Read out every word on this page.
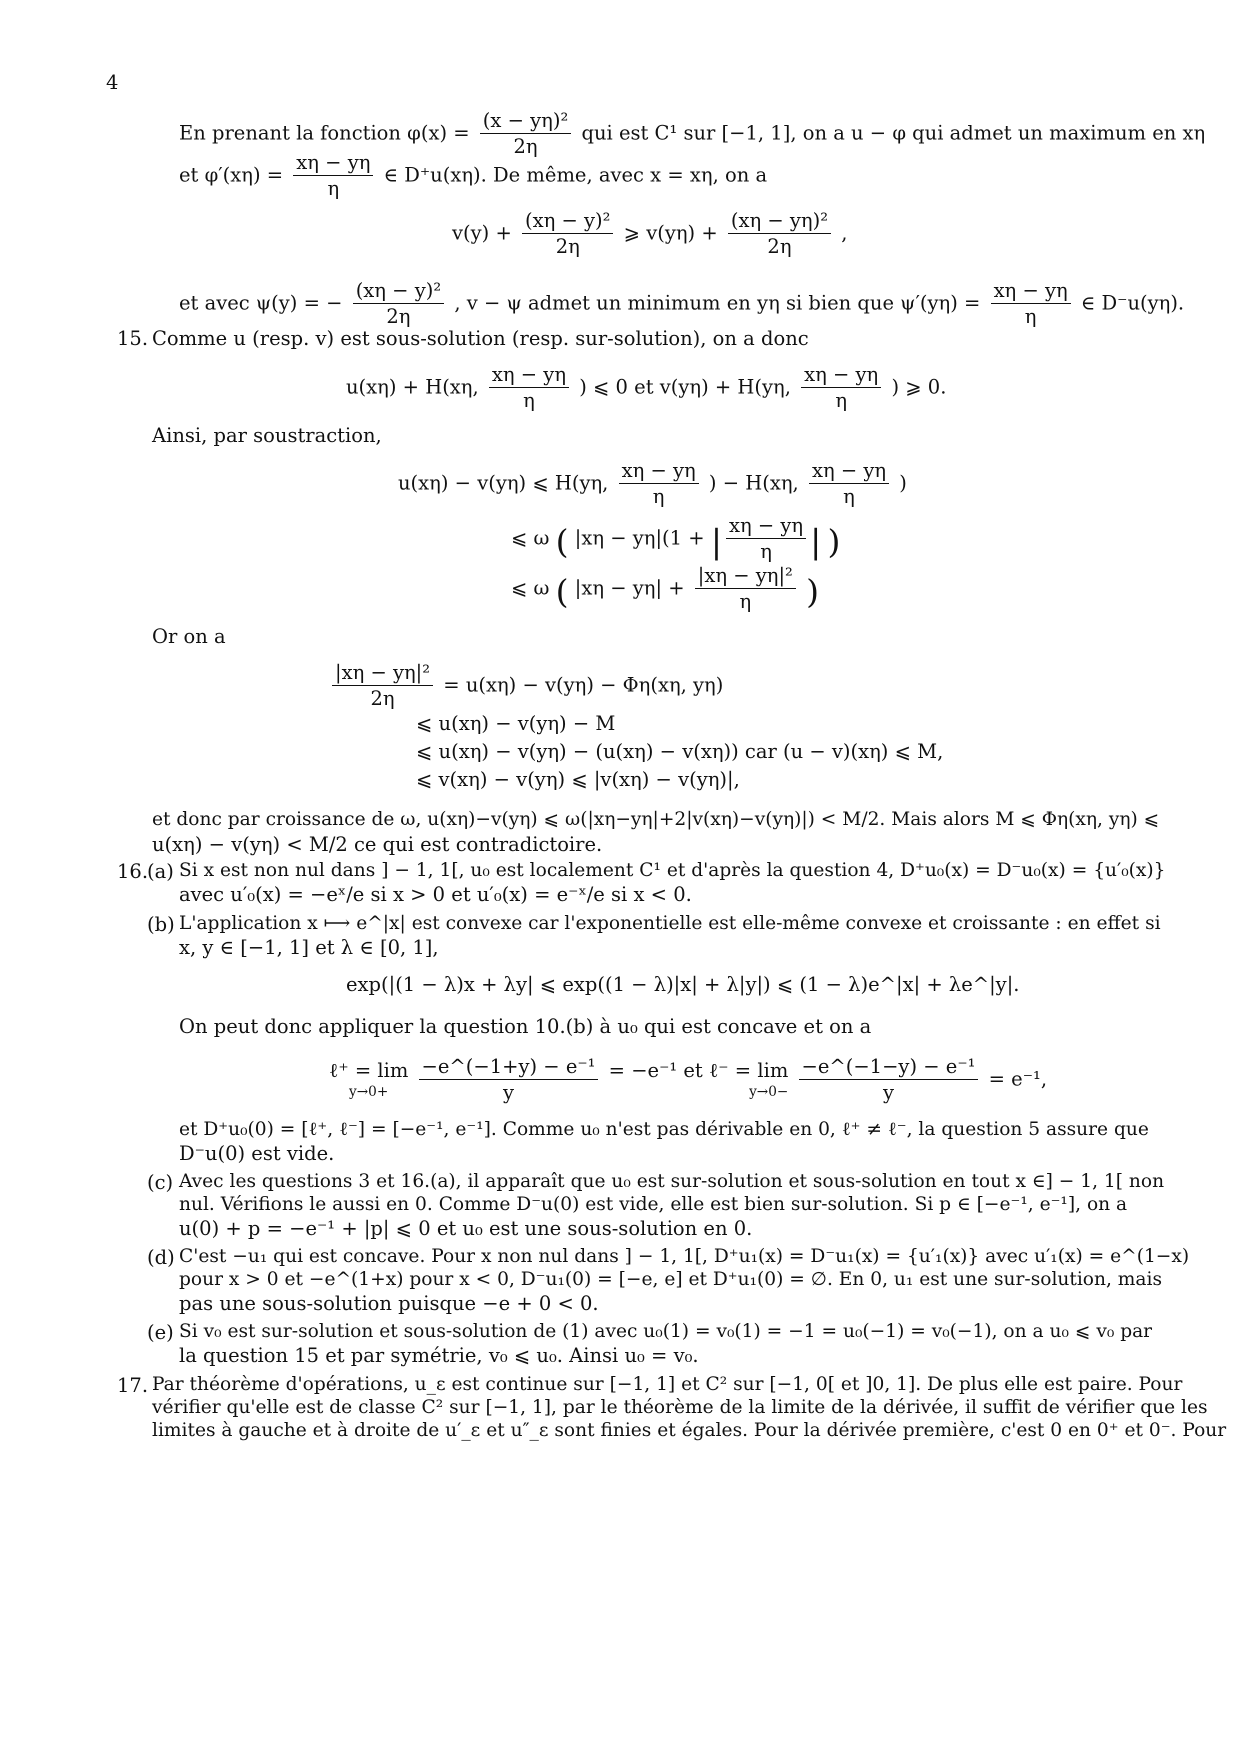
4
En prenant la fonction $\varphi(x) = \frac{\text{(x − yη)²}}{2\eta}$ qui est C¹ sur [−1, 1], on a u − φ qui admet un maximum en xη
et $\varphi'(x\eta) = \frac{x\eta - y\eta}{\eta}$ ∈ D⁺u(xη). De même, avec x = xη, on a
$v(y) + \frac{\text{(xη − y)²}}{2\eta}$ ⩾ $v(y\eta) + \frac{\text{(xη − yη)²}}{2\eta}$ ,
et avec ψ(y) = − $\frac{\text{(xη − y)²}}{2\eta}$ , v − ψ admet un minimum en yη si bien que $\psi'(y\eta) = \frac{x\eta - y\eta}{\eta}$ ∈ D⁻u(yη).
15. Comme u (resp. v) est sous-solution (resp. sur-solution), on a donc
u(xη) + H(xη, $\frac{x\eta - y\eta}{\eta}$ ) ⩽ 0 et v(yη) + H(yη, $\frac{x\eta - y\eta}{\eta}$ ) ⩾ 0.
Ainsi, par soustraction,
u(xη) − v(yη) ⩽ H(yη, $\frac{x\eta - y\eta}{\eta}$ ) − H(xη, $\frac{x\eta - y\eta}{\eta}$ )
⩽ ω ( |xη − yη|(1 + | $\frac{x\eta - y\eta}{\eta}$ | )
⩽ ω ( $|x\eta - y\eta| + \frac{\text{|xη − yη|²}}{\eta}$ )
Or on a
$\frac{\text{|xη − yη|²}}{2\eta} = u(x\eta) - v(y\eta) - \Phi\eta(x\eta$, yη)
⩽ u(xη) − v(yη) − M
⩽ u(xη) − v(yη) − (u(xη) − v(xη)) car (u − v)(xη) ⩽ M,
⩽ v(xη) − v(yη) ⩽ |v(xη) − v(yη)|,
et donc par croissance de ω, u(xη)−v(yη) ⩽ ω(|xη−yη|+2|v(xη)−v(yη)|) < M/2. Mais alors M ⩽ Φη(xη, yη) ⩽
u(xη) − v(yη) < M/2 ce qui est contradictoire.
16.
(a) Si x est non nul dans ] − 1, 1[, u₀ est localement C¹ et d'après la question 4, D⁺u₀(x) = D⁻u₀(x) = {u′₀(x)}
avec u′₀(x) = −eˣ/e si x > 0 et u′₀(x) = e⁻ˣ/e si x < 0.
(b) L'application x ⟼ e^|x| est convexe car l'exponentielle est elle-même convexe et croissante : en effet si
x, y ∈ [−1, 1] et λ ∈ [0, 1],
exp(|(1 − λ)x + λy| ⩽ exp((1 − λ)|x| + λ|y|) ⩽ (1 − λ)e^|x| + λe^|y|.
On peut donc appliquer la question 10.(b) à u₀ qui est concave et on a
ℓ⁺ = lim
y→0+
	$\frac{\text{−e\textasciicircum{}(−1+y) − e⁻¹}}{y}$
= −e⁻¹ et ℓ⁻ = lim
y→0−
$\frac{\text{−e\textasciicircum{}(−1−y) − e⁻¹}}{y} = e^{-1}$,
et D⁺u₀(0) = [ℓ⁺, ℓ⁻] = [−e⁻¹, e⁻¹]. Comme u₀ n'est pas dérivable en 0, ℓ⁺ ≠ ℓ⁻, la question 5 assure que
D⁻u(0) est vide.
(c) Avec les questions 3 et 16.(a), il apparaît que u₀ est sur-solution et sous-solution en tout x ∈] − 1, 1[ non
nul. Vérifions le aussi en 0. Comme D⁻u(0) est vide, elle est bien sur-solution. Si p ∈ [−e⁻¹, e⁻¹], on a
u(0) + p = −e⁻¹ + |p| ⩽ 0 et u₀ est une sous-solution en 0.
(d) C'est −u₁ qui est concave. Pour x non nul dans ] − 1, 1[, D⁺u₁(x) = D⁻u₁(x) = {u′₁(x)} avec u′₁(x) = e^(1−x)
pour x > 0 et −e^(1+x) pour x < 0, D⁻u₁(0) = [−e, e] et D⁺u₁(0) = ∅. En 0, u₁ est une sur-solution, mais
pas une sous-solution puisque −e + 0 < 0.
(e) Si v₀ est sur-solution et sous-solution de (1) avec u₀(1) = v₀(1) = −1 = u₀(−1) = v₀(−1), on a u₀ ⩽ v₀ par
la question 15 et par symétrie, v₀ ⩽ u₀. Ainsi u₀ = v₀.
17. Par théorème d'opérations, u_ε est continue sur [−1, 1] et C² sur [−1, 0[ et ]0, 1]. De plus elle est paire. Pour
vérifier qu'elle est de classe C² sur [−1, 1], par le théorème de la limite de la dérivée, il suffit de vérifier que les
limites à gauche et à droite de u′_ε et u″_ε sont finies et égales. Pour la dérivée première, c'est 0 en 0⁺ et 0⁻. Pour
